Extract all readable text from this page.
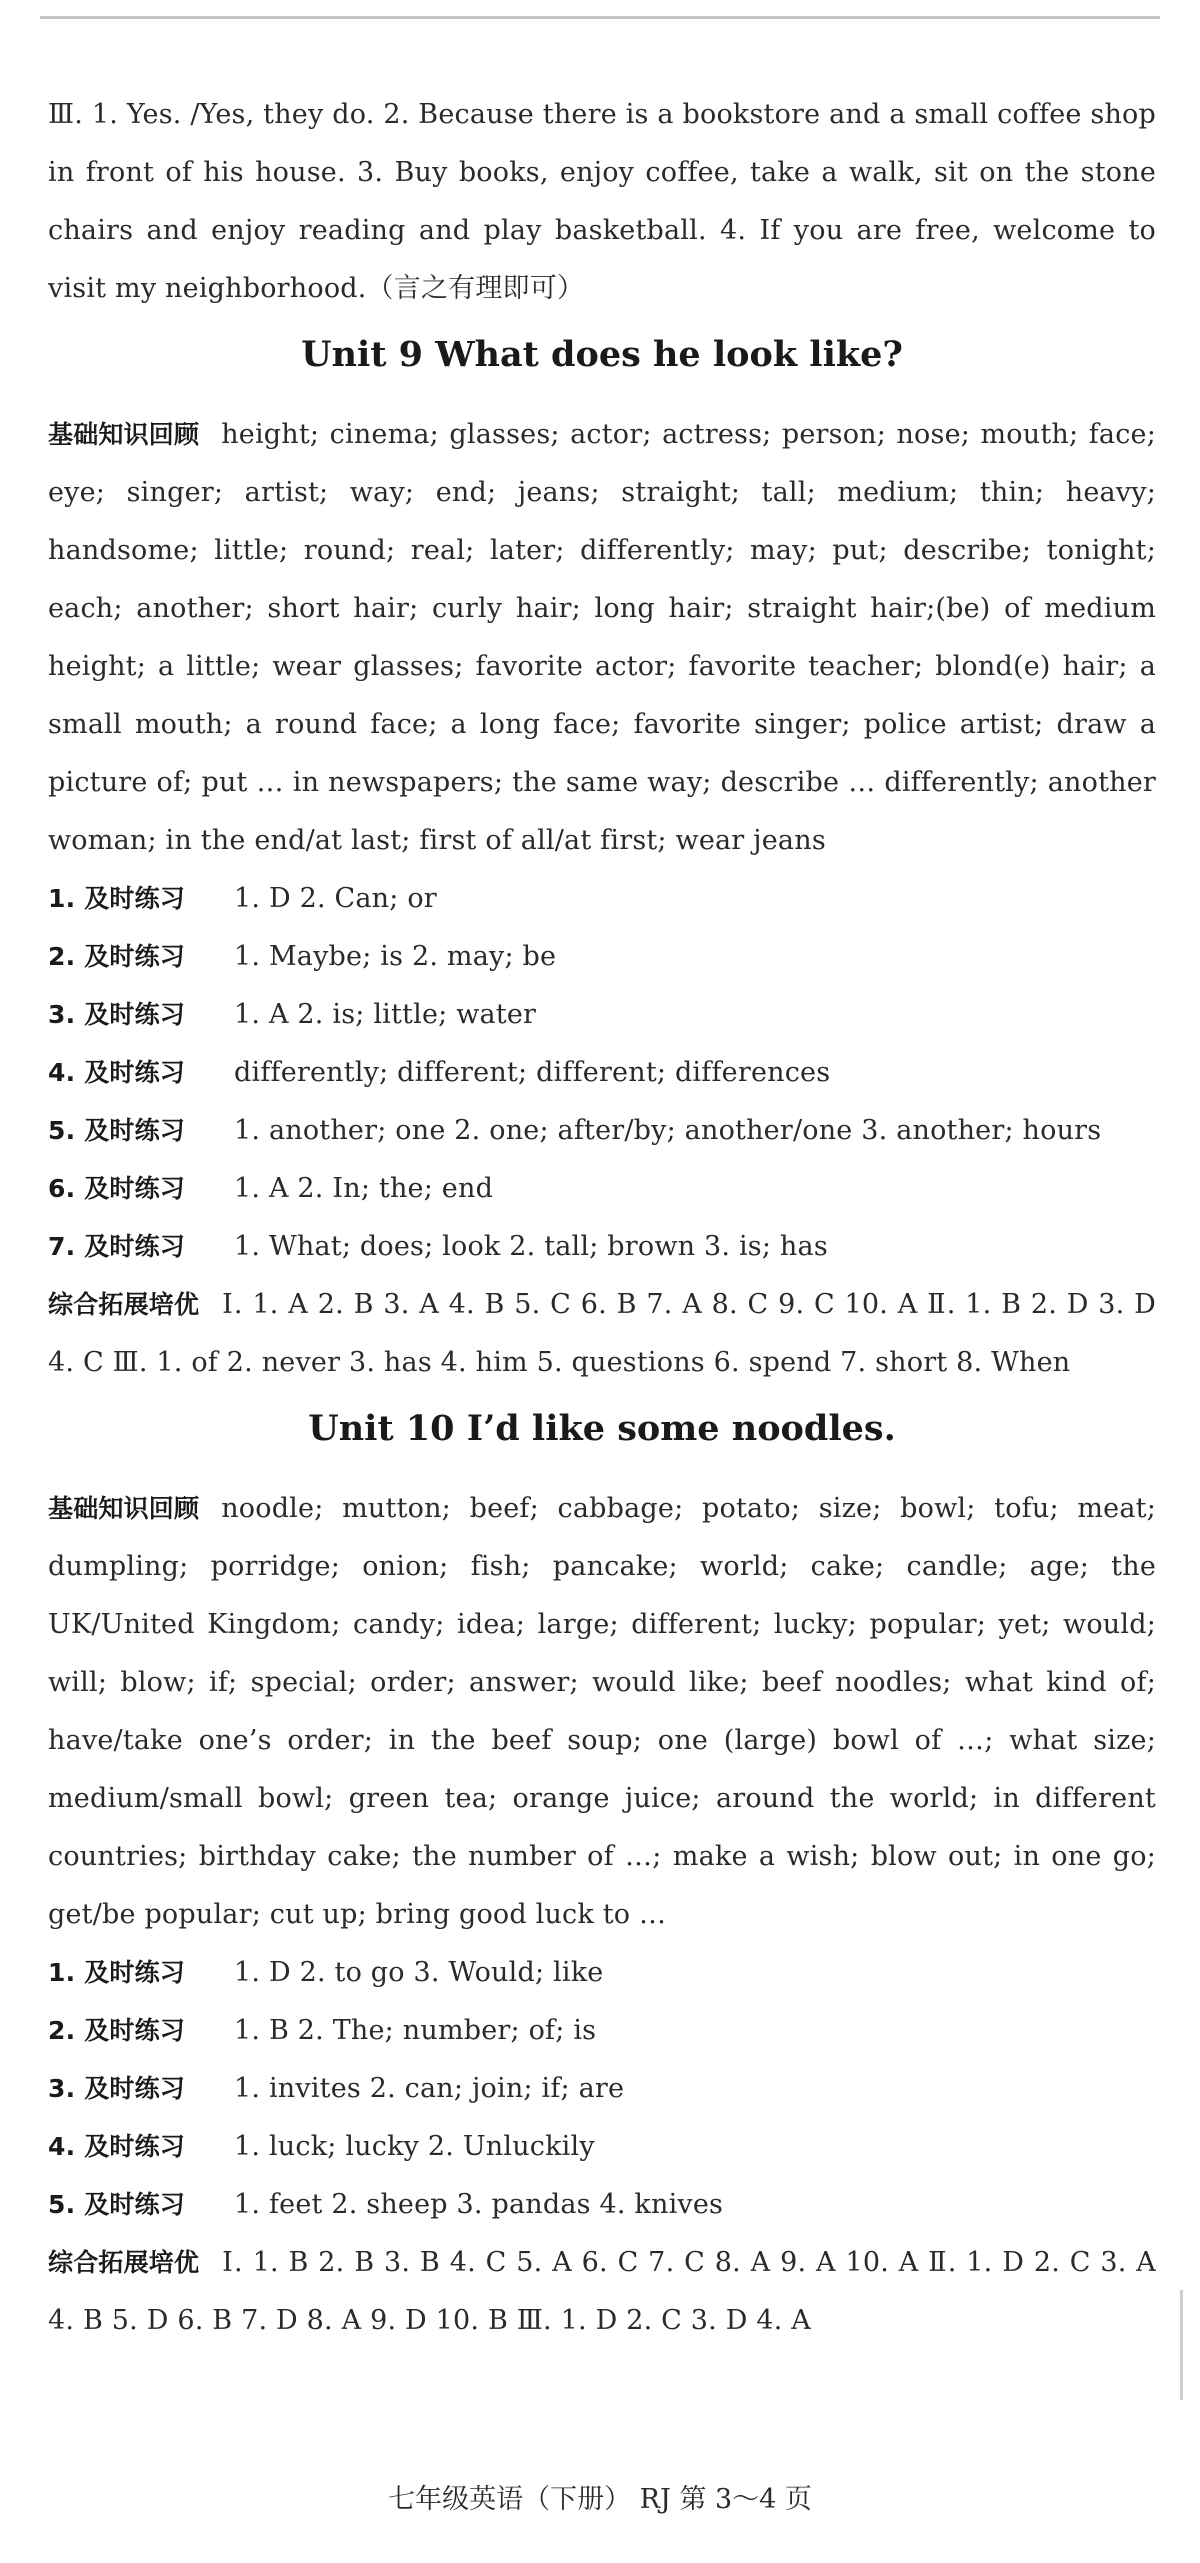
Ⅲ. 1. Yes. /Yes, they do. 2. Because there is a bookstore and a small coffee shop in front of his house. 3. Buy books, enjoy coffee, take a walk, sit on the stone chairs and enjoy reading and play basketball. 4. If you are free, welcome to visit my neighborhood.（言之有理即可）

Unit 9 What does he look like?

基础知识回顾 height; cinema; glasses; actor; actress; person; nose; mouth; face; eye; singer; artist; way; end; jeans; straight; tall; medium; thin; heavy; handsome; little; round; real; later; differently; may; put; describe; tonight; each; another; short hair; curly hair; long hair; straight hair;(be) of medium height; a little; wear glasses; favorite actor; favorite teacher; blond(e) hair; a small mouth; a round face; a long face; favorite singer; police artist; draw a picture of; put … in newspapers; the same way; describe … differently; another woman; in the end/at last; first of all/at first; wear jeans

1. 及时练习 1. D 2. Can; or
2. 及时练习 1. Maybe; is 2. may; be
3. 及时练习 1. A 2. is; little; water
4. 及时练习 differently; different; different; differences
5. 及时练习 1. another; one 2. one; after/by; another/one 3. another; hours
6. 及时练习 1. A 2. In; the; end
7. 及时练习 1. What; does; look 2. tall; brown 3. is; has

综合拓展培优 Ⅰ. 1. A 2. B 3. A 4. B 5. C 6. B 7. A 8. C 9. C 10. A Ⅱ. 1. B 2. D 3. D 4. C Ⅲ. 1. of 2. never 3. has 4. him 5. questions 6. spend 7. short 8. When

Unit 10 I’d like some noodles.

基础知识回顾 noodle; mutton; beef; cabbage; potato; size; bowl; tofu; meat; dumpling; porridge; onion; fish; pancake; world; cake; candle; age; the UK/United Kingdom; candy; idea; large; different; lucky; popular; yet; would; will; blow; if; special; order; answer; would like; beef noodles; what kind of; have/take one’s order; in the beef soup; one (large) bowl of …; what size; medium/small bowl; green tea; orange juice; around the world; in different countries; birthday cake; the number of …; make a wish; blow out; in one go; get/be popular; cut up; bring good luck to …

1. 及时练习 1. D 2. to go 3. Would; like
2. 及时练习 1. B 2. The; number; of; is
3. 及时练习 1. invites 2. can; join; if; are
4. 及时练习 1. luck; lucky 2. Unluckily
5. 及时练习 1. feet 2. sheep 3. pandas 4. knives

综合拓展培优 Ⅰ. 1. B 2. B 3. B 4. C 5. A 6. C 7. C 8. A 9. A 10. A Ⅱ. 1. D 2. C 3. A 4. B 5. D 6. B 7. D 8. A 9. D 10. B Ⅲ. 1. D 2. C 3. D 4. A

七年级英语（下册） RJ 第 3～4 页
